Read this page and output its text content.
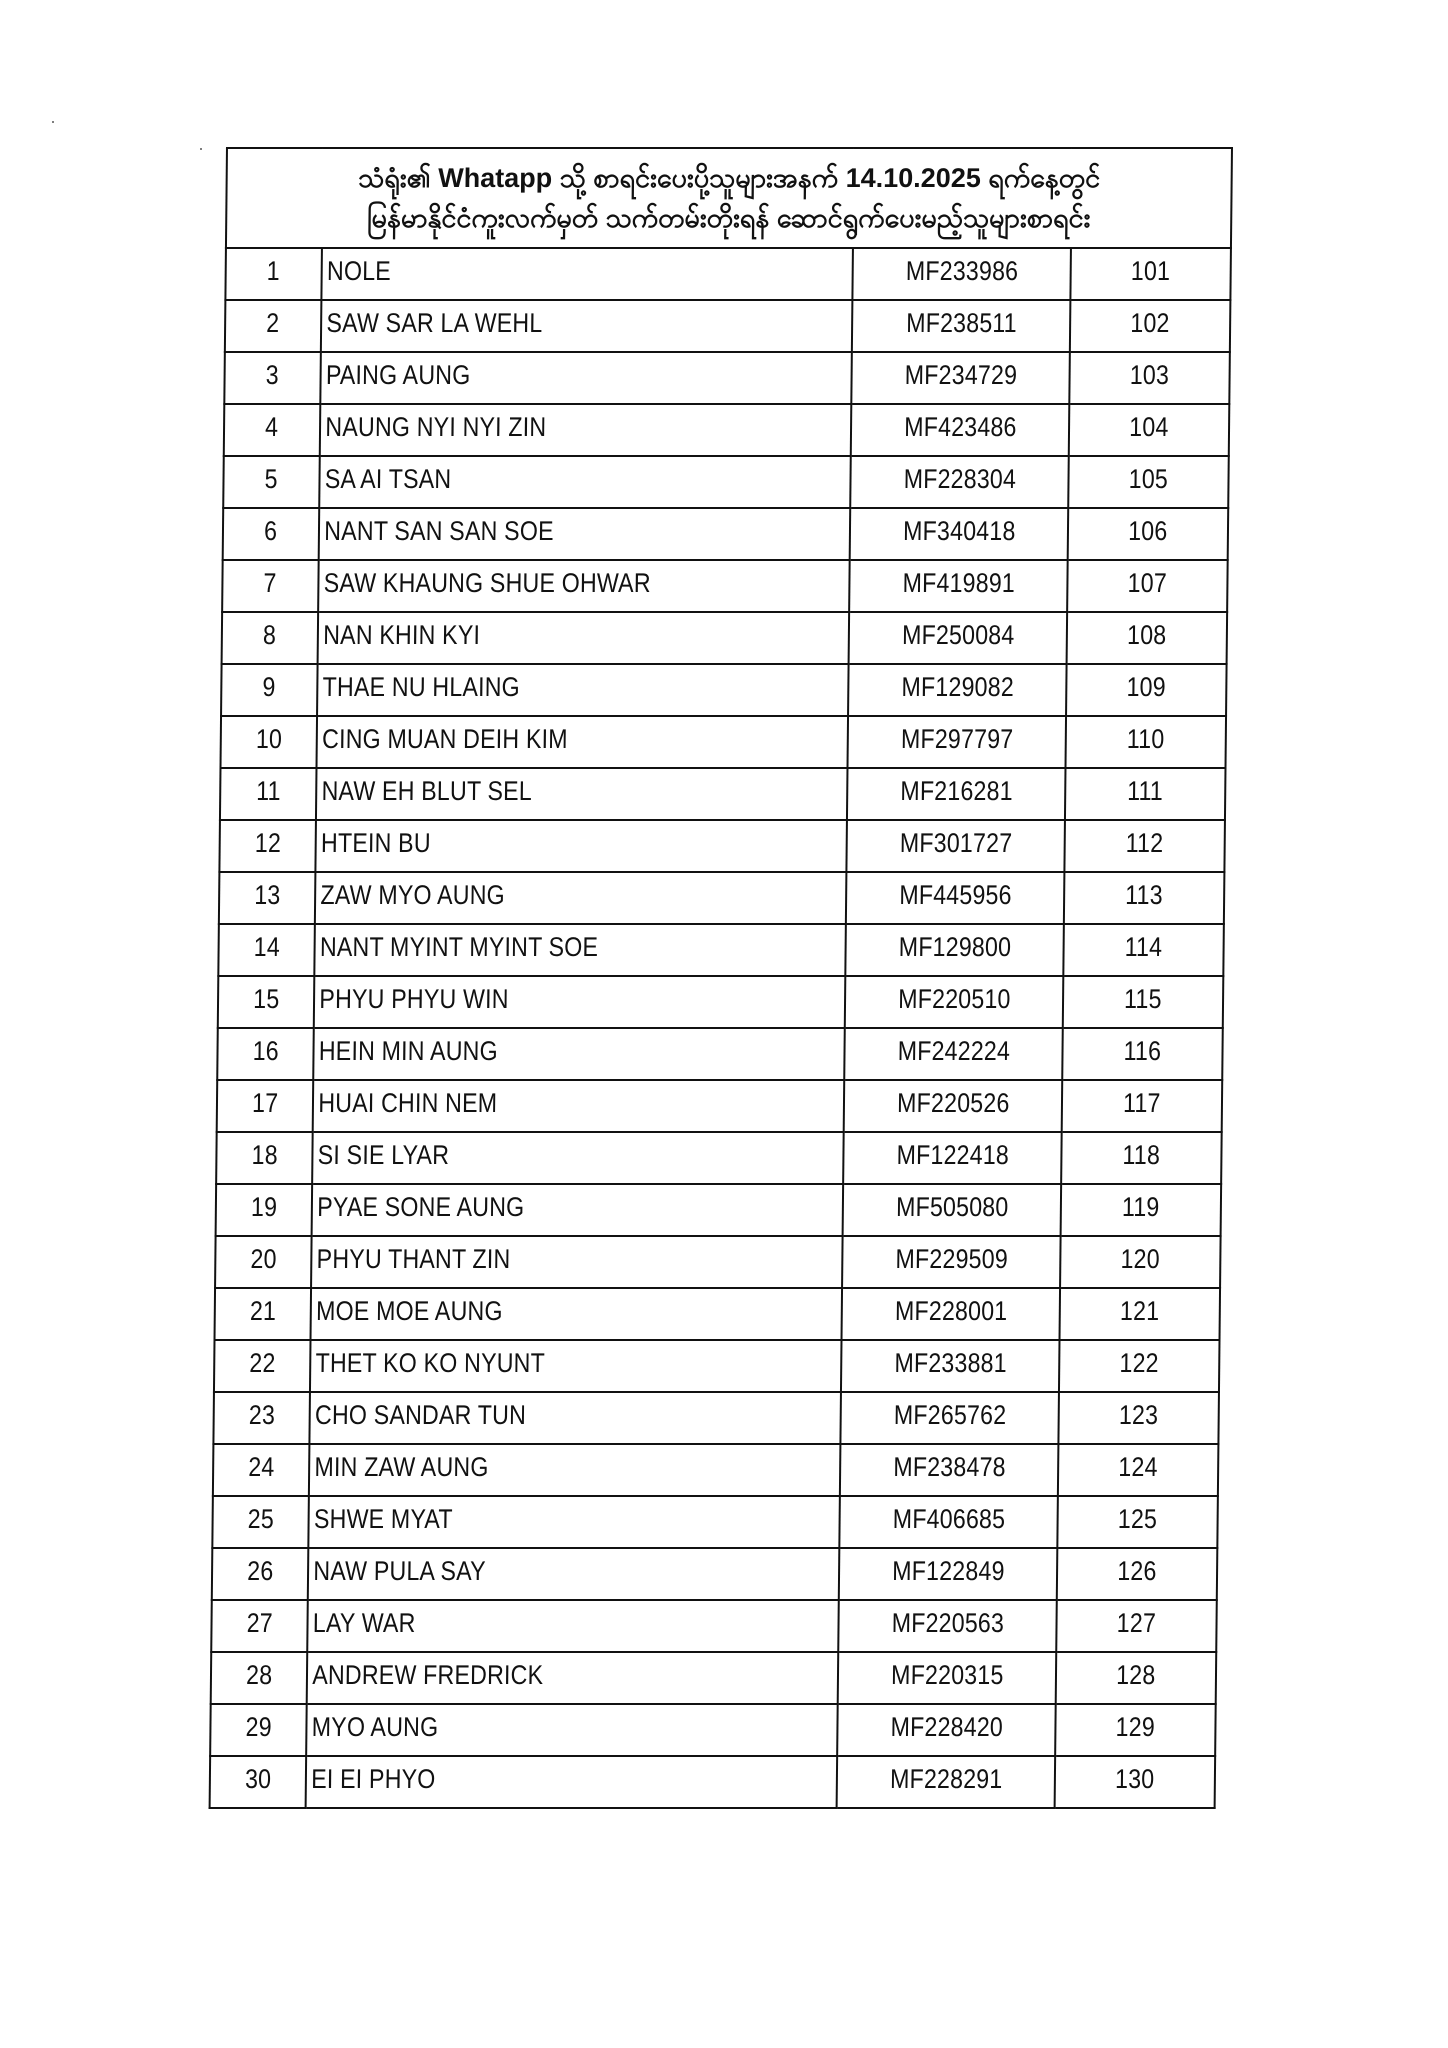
သံရုံး၏ Whatapp သို့ စာရင်းပေးပို့သူများအနက် 14.10.2025 ရက်နေ့တွင်
မြန်မာနိုင်ငံကူးလက်မှတ် သက်တမ်းတိုးရန် ဆောင်ရွက်ပေးမည့်သူများစာရင်း			

1	NOLE	MF233986	101

2	SAW SAR LA WEHL	MF238511	102

3	PAING AUNG	MF234729	103

4	NAUNG NYI NYI ZIN	MF423486	104

5	SA AI TSAN	MF228304	105

6	NANT SAN SAN SOE	MF340418	106

7	SAW KHAUNG SHUE OHWAR	MF419891	107

8	NAN KHIN KYI	MF250084	108

9	THAE NU HLAING	MF129082	109

10	CING MUAN DEIH KIM	MF297797	110

11	NAW EH BLUT SEL	MF216281	111

12	HTEIN BU	MF301727	112

13	ZAW MYO AUNG	MF445956	113

14	NANT MYINT MYINT SOE	MF129800	114

15	PHYU PHYU WIN	MF220510	115

16	HEIN MIN AUNG	MF242224	116

17	HUAI CHIN NEM	MF220526	117

18	SI SIE LYAR	MF122418	118

19	PYAE SONE AUNG	MF505080	119

20	PHYU THANT ZIN	MF229509	120

21	MOE MOE AUNG	MF228001	121

22	THET KO KO NYUNT	MF233881	122

23	CHO SANDAR TUN	MF265762	123

24	MIN ZAW AUNG	MF238478	124

25	SHWE MYAT	MF406685	125

26	NAW PULA SAY	MF122849	126

27	LAY WAR	MF220563	127

28	ANDREW FREDRICK	MF220315	128

29	MYO AUNG	MF228420	129

30	EI EI PHYO	MF228291	130
